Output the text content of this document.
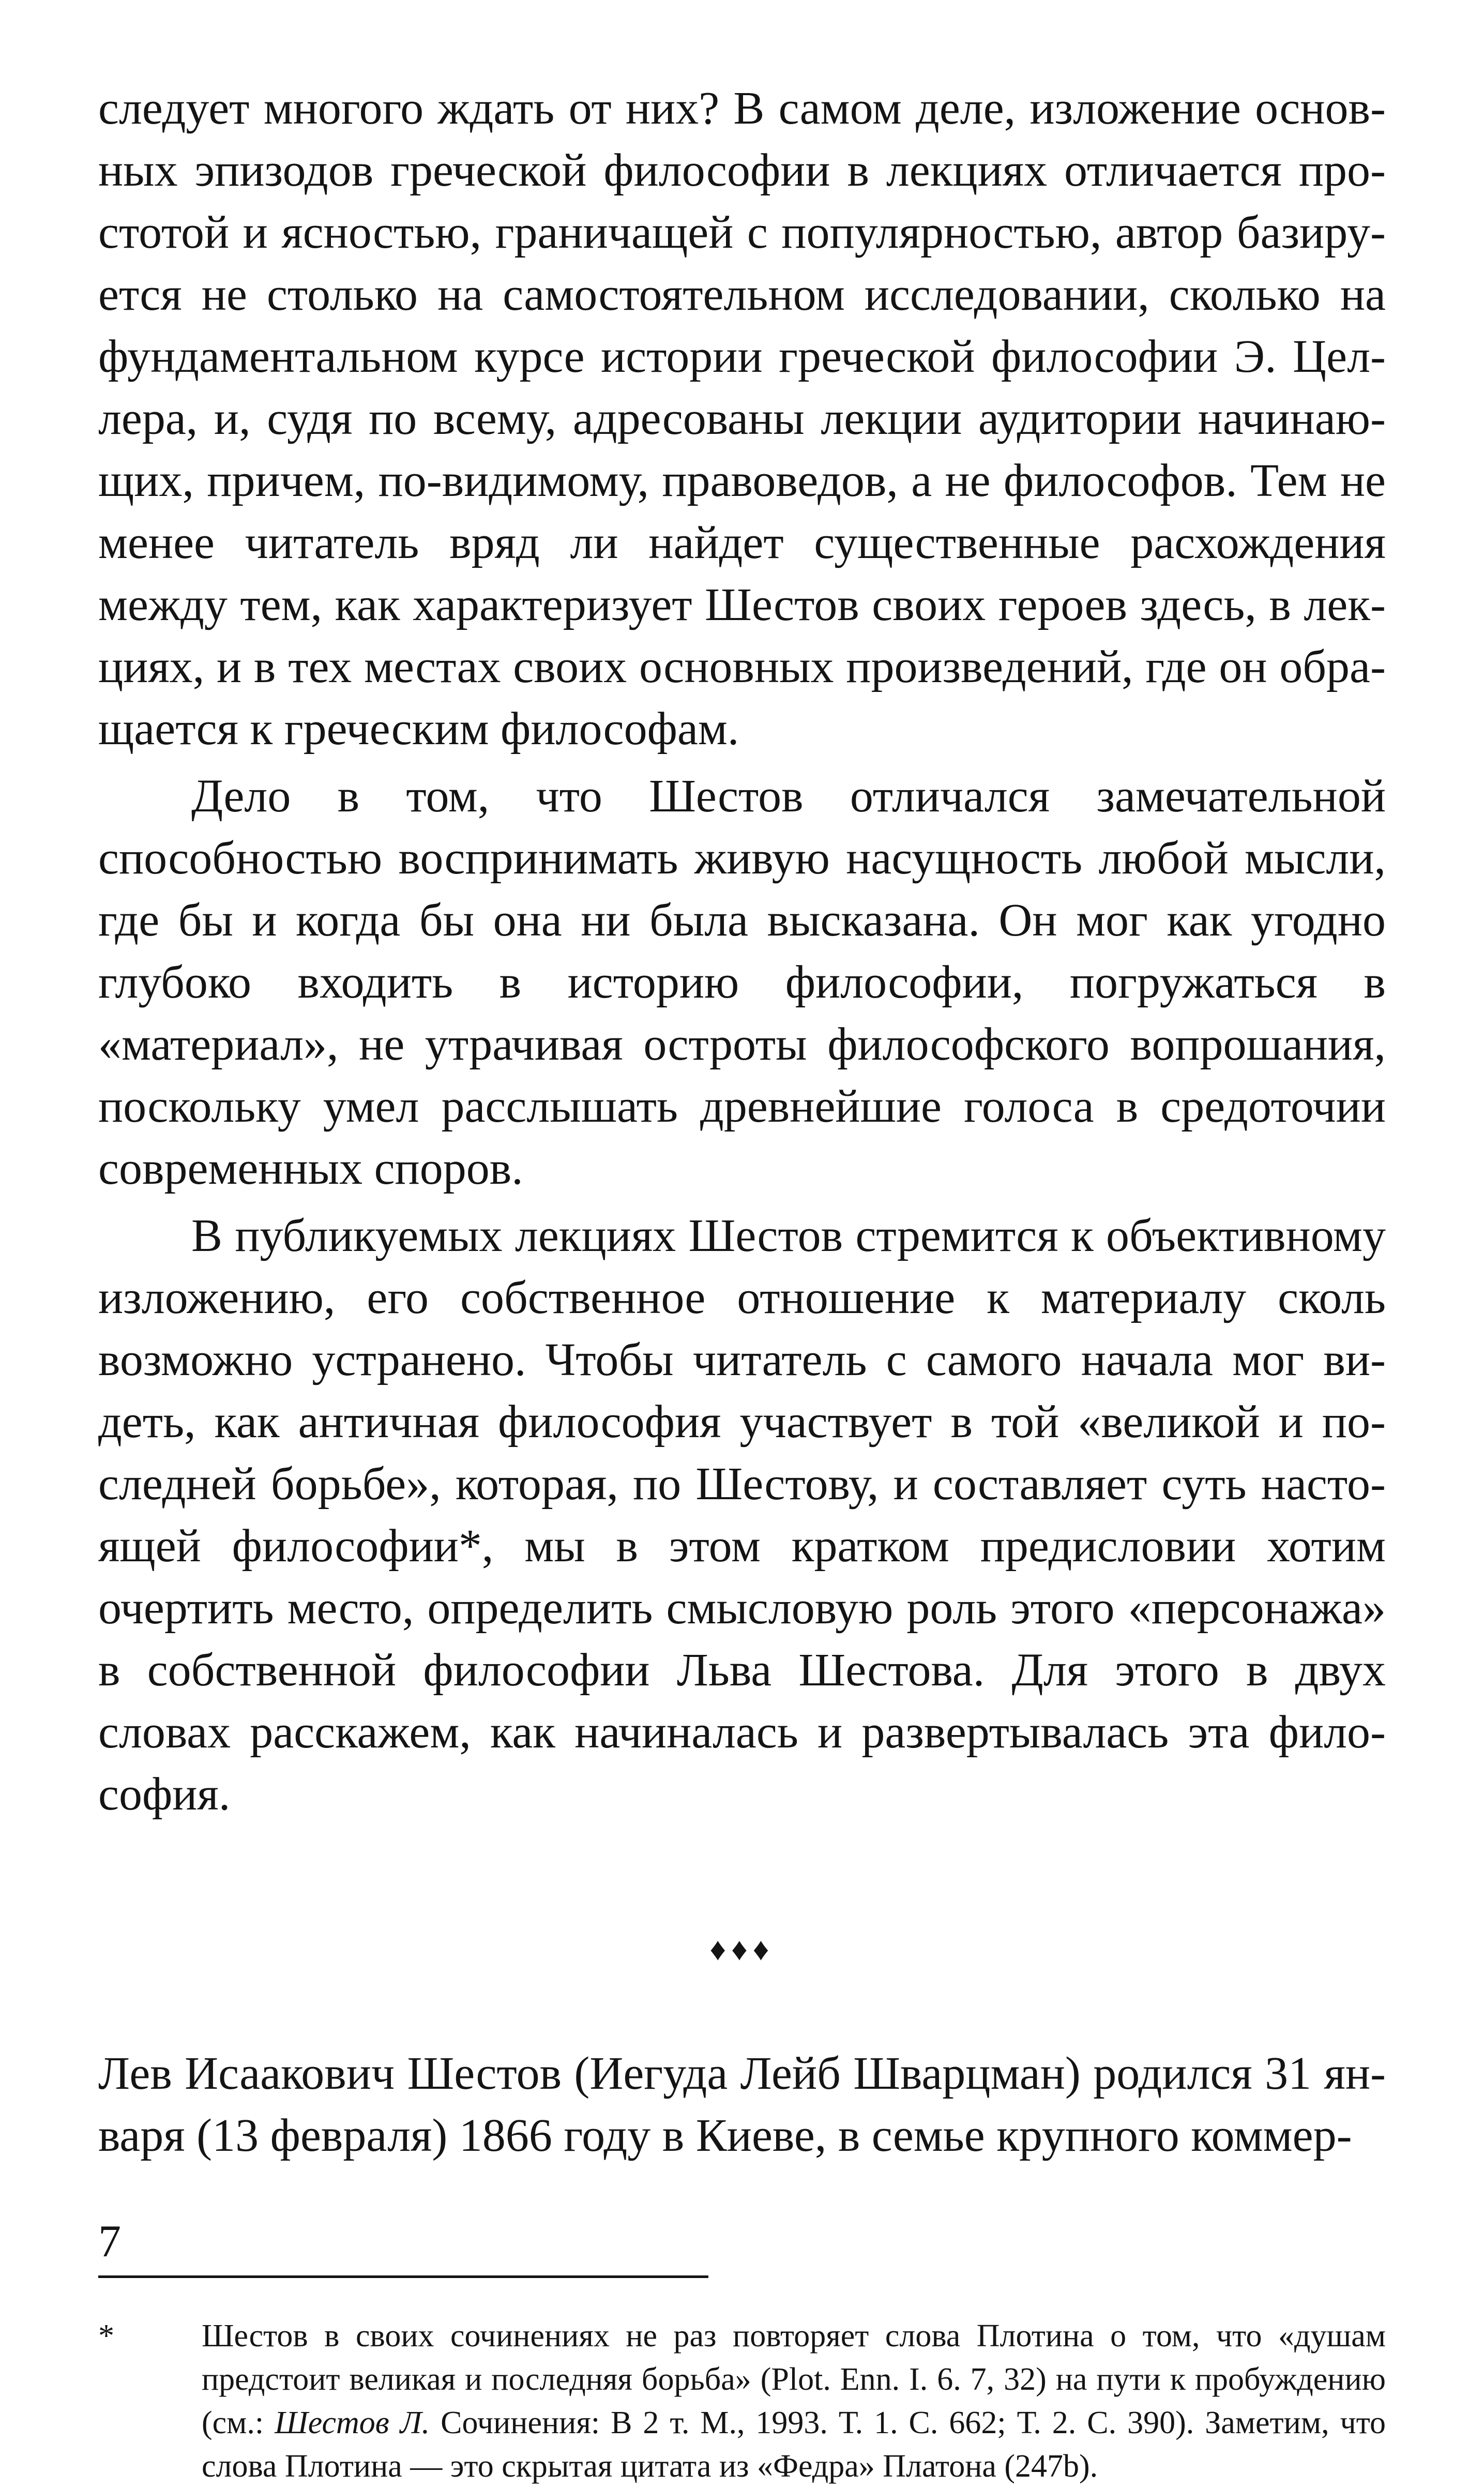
следует многого ждать от них? В самом деле, изложение основных эпизодов греческой философии в лекциях отличается простотой и ясностью, граничащей с популярностью, автор базируется не столько на самостоятельном исследовании, сколько на фундаментальном курсе истории греческой философии Э. Целлера, и, судя по всему, адресованы лекции аудитории начинающих, причем, по-видимому, правоведов, а не философов. Тем не менее читатель вряд ли найдет существенные расхождения между тем, как характеризует Шестов своих героев здесь, в лекциях, и в тех местах своих основных произведений, где он обращается к греческим философам.

Дело в том, что Шестов отличался замечательной способностью воспринимать живую насущность любой мысли, где бы и когда бы она ни была высказана. Он мог как угодно глубоко входить в историю философии, погружаться в «материал», не утрачивая остроты философского вопрошания, поскольку умел расслышать древнейшие голоса в средоточии современных споров.

В публикуемых лекциях Шестов стремится к объективному изложению, его собственное отношение к материалу сколь возможно устранено. Чтобы читатель с самого начала мог видеть, как античная философия участвует в той «великой и последней борьбе», которая, по Шестову, и составляет суть настоящей философии*, мы в этом кратком предисловии хотим очертить место, определить смысловую роль этого «персонажа» в собственной философии Льва Шестова. Для этого в двух словах расскажем, как начиналась и развертывалась эта философия.

♦♦♦

Лев Исаакович Шестов (Иегуда Лейб Шварцман) родился 31 января (13 февраля) 1866 году в Киеве, в семье крупного коммер-

*	Шестов в своих сочинениях не раз повторяет слова Плотина о том, что «душам предстоит великая и последняя борьба» (Plot. Enn. I. 6. 7, 32) на пути к пробуждению (см.: Шестов Л. Сочинения: В 2 т. М., 1993. Т. 1. С. 662; Т. 2. С. 390). Заметим, что слова Плотина — это скрытая цитата из «Федра» Платона (247b).

7
